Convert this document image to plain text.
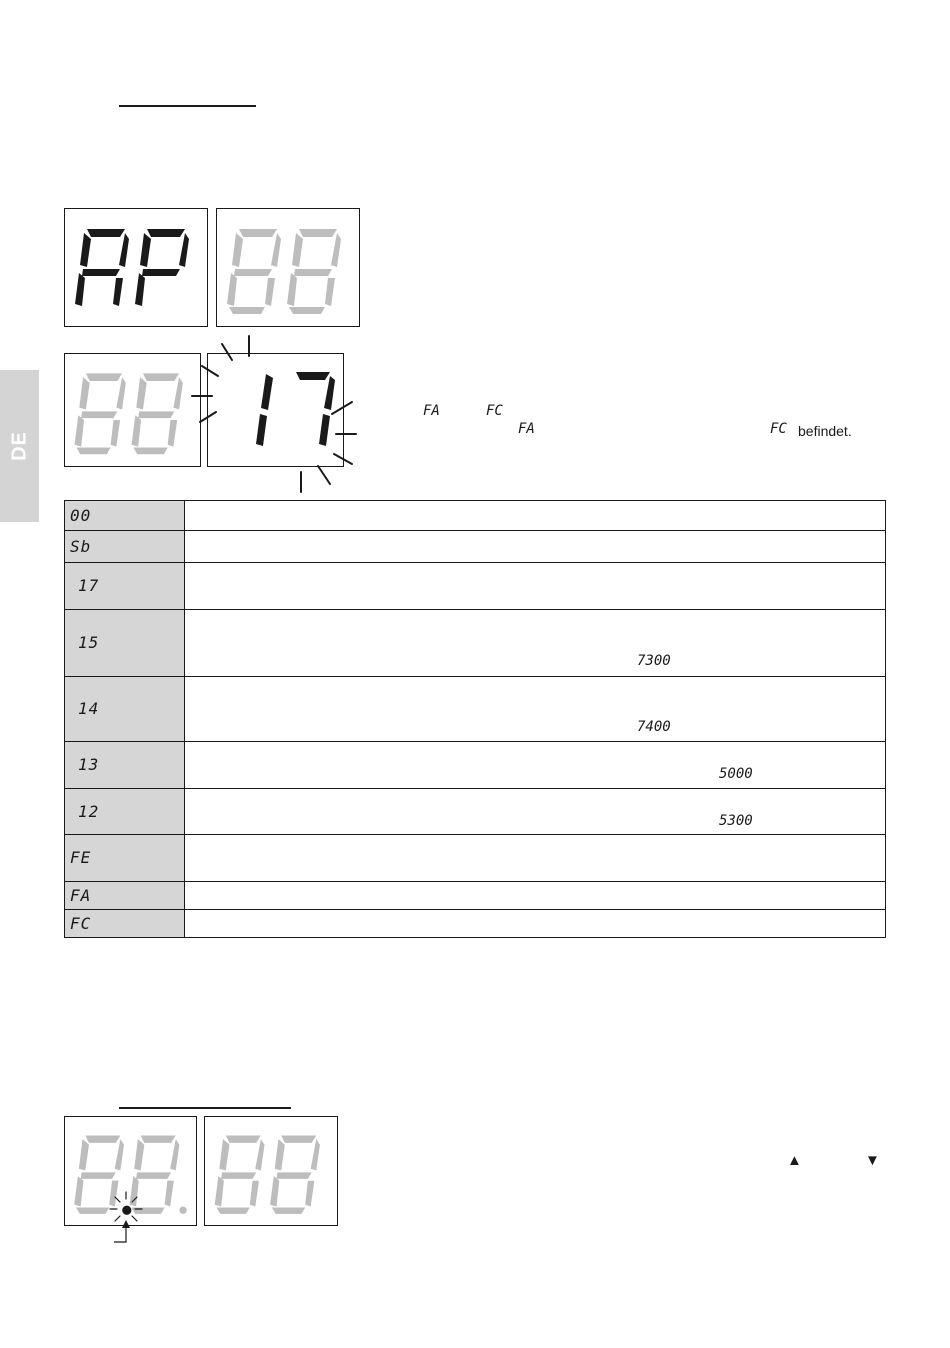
DE
FA	FC
FA	FC befindet.
00	
Sb	
17	
15	7300

14	7400

13	5000

12	5300

FE	
FA	
FC	
▲	▼
